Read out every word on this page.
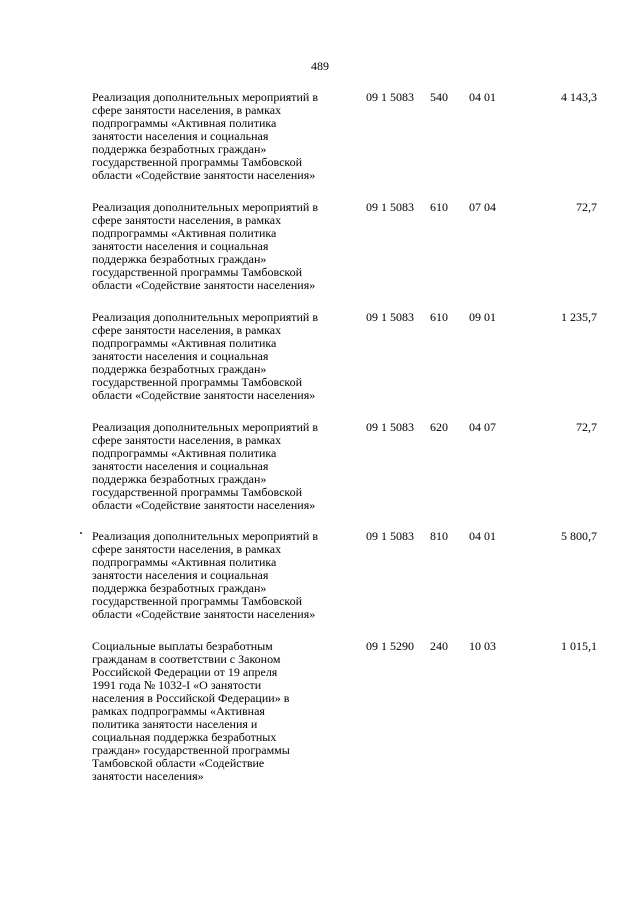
489
Реализация дополнительных мероприятий в
сфере занятости населения, в рамках
подпрограммы «Активная политика
занятости населения и социальная
поддержка безработных граждан»
государственной программы Тамбовской
области «Содействие занятости населения»
09 1 5083	540	04 01	4 143,3
Реализация дополнительных мероприятий в
сфере занятости населения, в рамках
подпрограммы «Активная политика
занятости населения и социальная
поддержка безработных граждан»
государственной программы Тамбовской
области «Содействие занятости населения»
09 1 5083	610	07 04	72,7
Реализация дополнительных мероприятий в
сфере занятости населения, в рамках
подпрограммы «Активная политика
занятости населения и социальная
поддержка безработных граждан»
государственной программы Тамбовской
области «Содействие занятости населения»
09 1 5083	610	09 01	1 235,7
Реализация дополнительных мероприятий в
сфере занятости населения, в рамках
подпрограммы «Активная политика
занятости населения и социальная
поддержка безработных граждан»
государственной программы Тамбовской
области «Содействие занятости населения»
09 1 5083	620	04 07	72,7
Реализация дополнительных мероприятий в
сфере занятости населения, в рамках
подпрограммы «Активная политика
занятости населения и социальная
поддержка безработных граждан»
государственной программы Тамбовской
области «Содействие занятости населения»
09 1 5083	810	04 01	5 800,7
Социальные выплаты безработным
гражданам в соответствии с Законом
Российской Федерации от 19 апреля
1991 года № 1032-I «О занятости
населения в Российской Федерации» в
рамках подпрограммы «Активная
политика занятости населения и
социальная поддержка безработных
граждан» государственной программы
Тамбовской области «Содействие
занятости населения»
09 1 5290	240	10 03	1 015,1
